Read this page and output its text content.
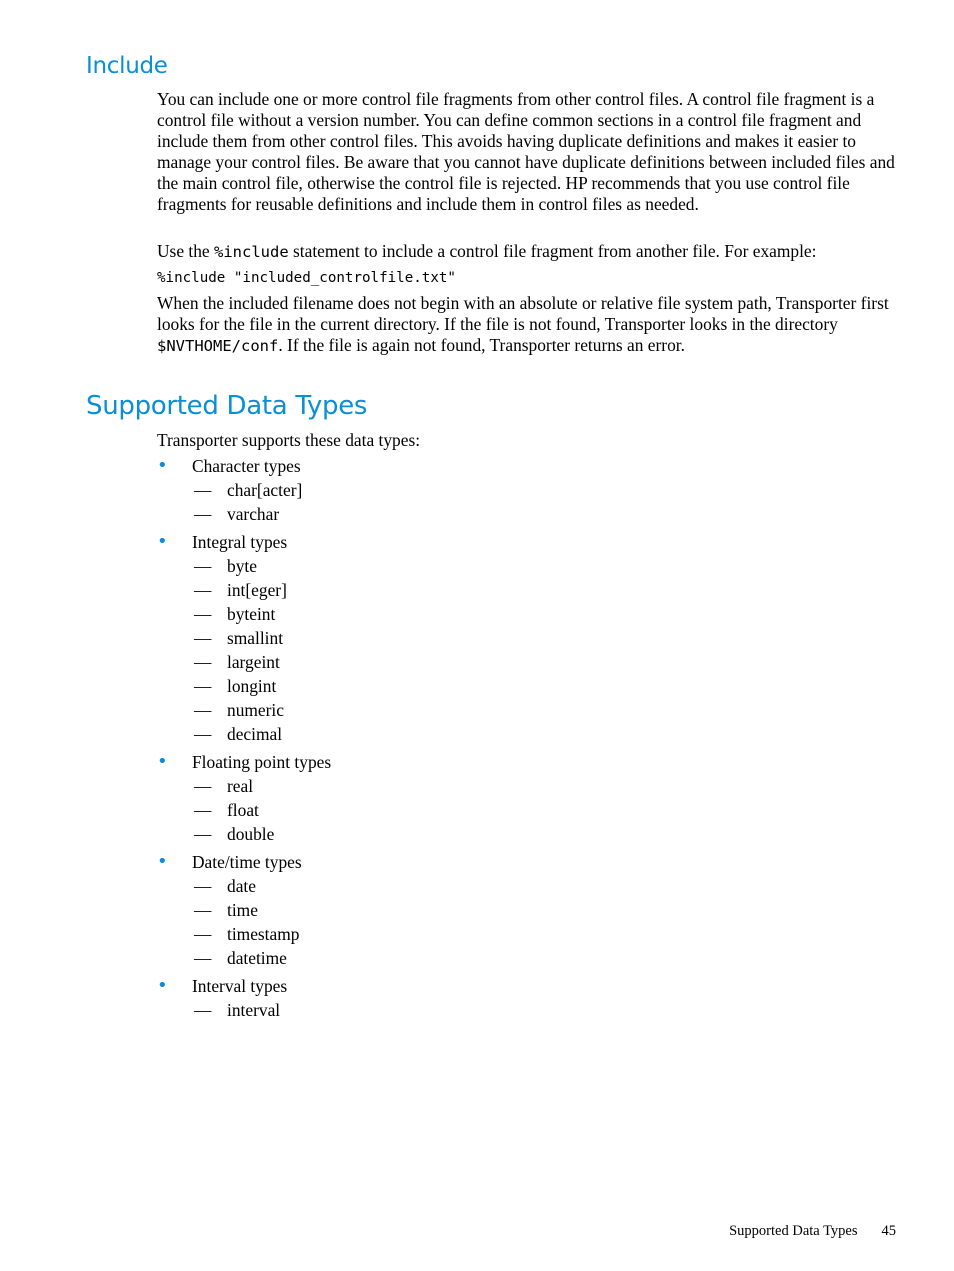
Include

You can include one or more control file fragments from other control files. A control file fragment is a control file without a version number. You can define common sections in a control file fragment and include them from other control files. This avoids having duplicate definitions and makes it easier to manage your control files. Be aware that you cannot have duplicate definitions between included files and the main control file, otherwise the control file is rejected. HP recommends that you use control file fragments for reusable definitions and include them in control files as needed.

Use the %include statement to include a control file fragment from another file. For example:

%include "included_controlfile.txt"

When the included filename does not begin with an absolute or relative file system path, Transporter first looks for the file in the current directory. If the file is not found, Transporter looks in the directory $NVTHOME/conf. If the file is again not found, Transporter returns an error.

Supported Data Types

Transporter supports these data types:

• Character types
— char[acter]
— varchar
• Integral types
— byte
— int[eger]
— byteint
— smallint
— largeint
— longint
— numeric
— decimal
• Floating point types
— real
— float
— double
• Date/time types
— date
— time
— timestamp
— datetime
• Interval types
— interval
Supported Data Types 45
